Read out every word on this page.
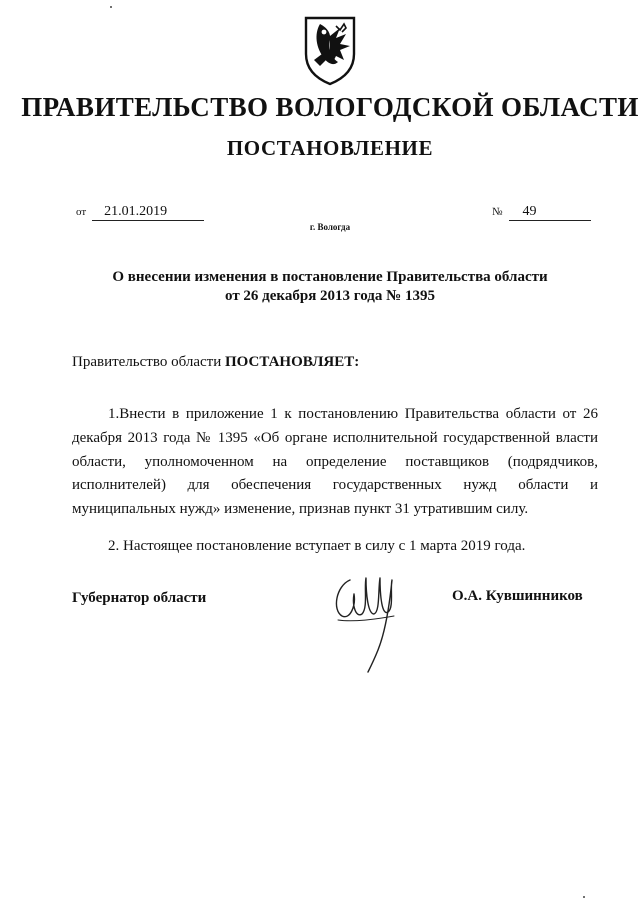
ПРАВИТЕЛЬСТВО ВОЛОГОДСКОЙ ОБЛАСТИ
ПОСТАНОВЛЕНИЕ
от 21.01.2019	№ 49
г. Вологда
О внесении изменения в постановление Правительства области
от 26 декабря 2013 года № 1395
Правительство области ПОСТАНОВЛЯЕТ:
1.Внести в приложение 1 к постановлению Правительства области от 26 декабря 2013 года № 1395 «Об органе исполнительной государственной власти области, уполномоченном на определение поставщиков (подрядчиков, исполнителей) для обеспечения государственных нужд области и муниципальных нужд» изменение, признав пункт 31 утратившим силу.
2. Настоящее постановление вступает в силу с 1 марта 2019 года.
Губернатор области	О.А. Кувшинников
